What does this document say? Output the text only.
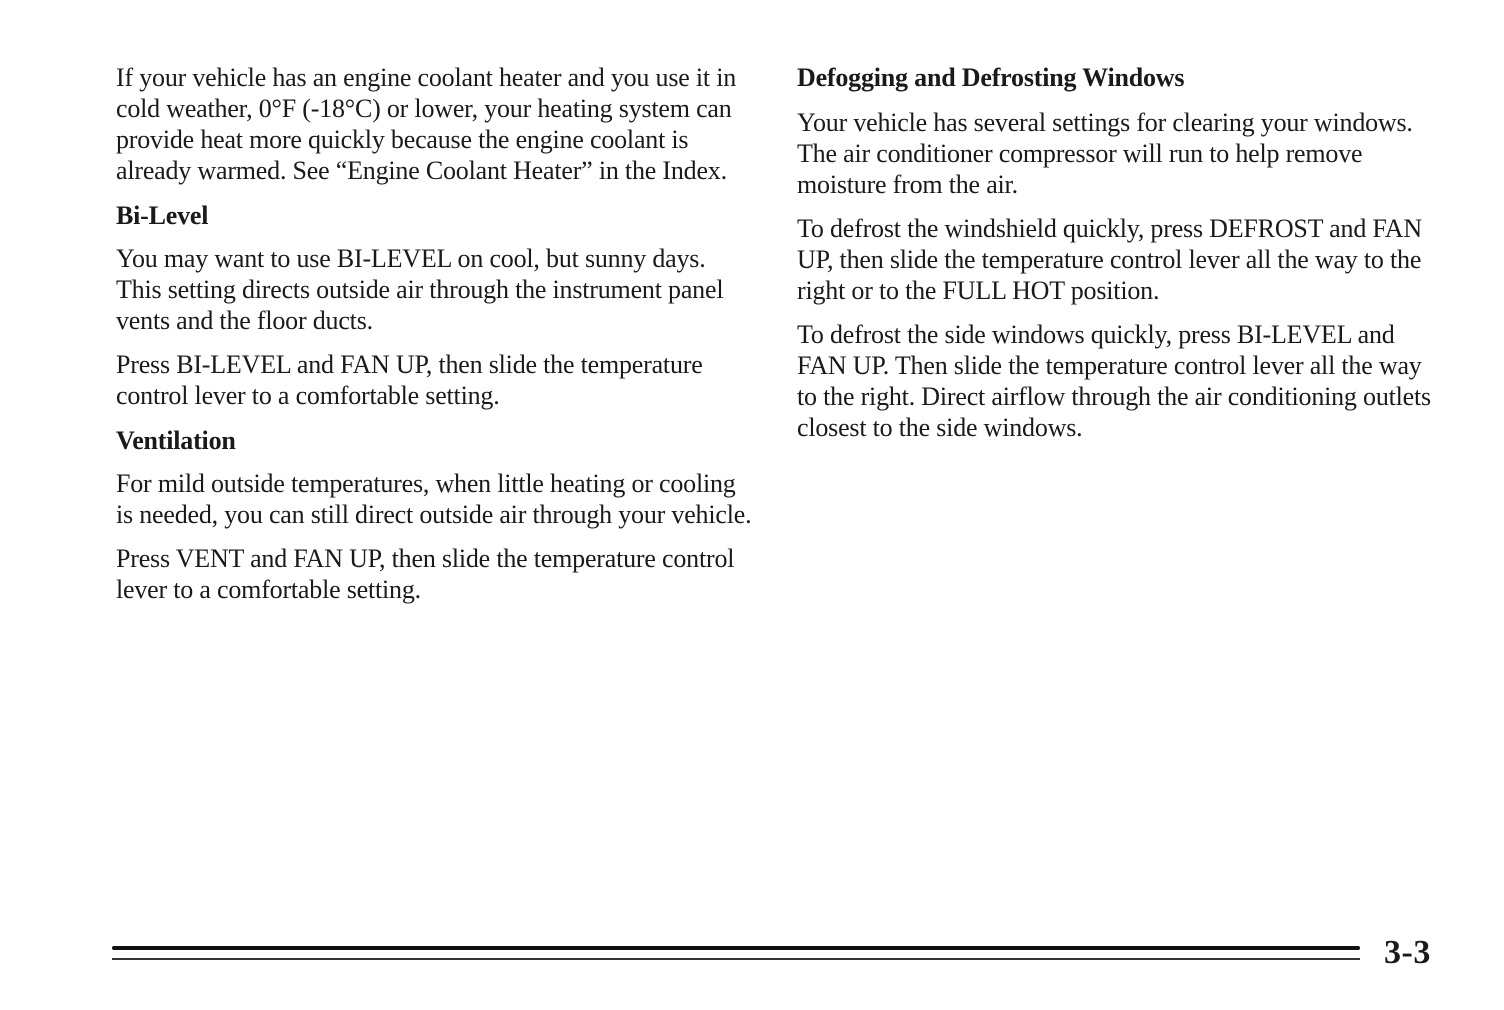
If your vehicle has an engine coolant heater and you use it in cold weather, 0°F (-18°C) or lower, your heating system can provide heat more quickly because the engine coolant is already warmed. See “Engine Coolant Heater” in the Index.

Bi-Level

You may want to use BI-LEVEL on cool, but sunny days. This setting directs outside air through the instrument panel vents and the floor ducts.

Press BI-LEVEL and FAN UP, then slide the temperature control lever to a comfortable setting.

Ventilation

For mild outside temperatures, when little heating or cooling is needed, you can still direct outside air through your vehicle.

Press VENT and FAN UP, then slide the temperature control lever to a comfortable setting.

Defogging and Defrosting Windows

Your vehicle has several settings for clearing your windows. The air conditioner compressor will run to help remove moisture from the air.

To defrost the windshield quickly, press DEFROST and FAN UP, then slide the temperature control lever all the way to the right or to the FULL HOT position.

To defrost the side windows quickly, press BI-LEVEL and FAN UP. Then slide the temperature control lever all the way to the right. Direct airflow through the air conditioning outlets closest to the side windows.

3-3
